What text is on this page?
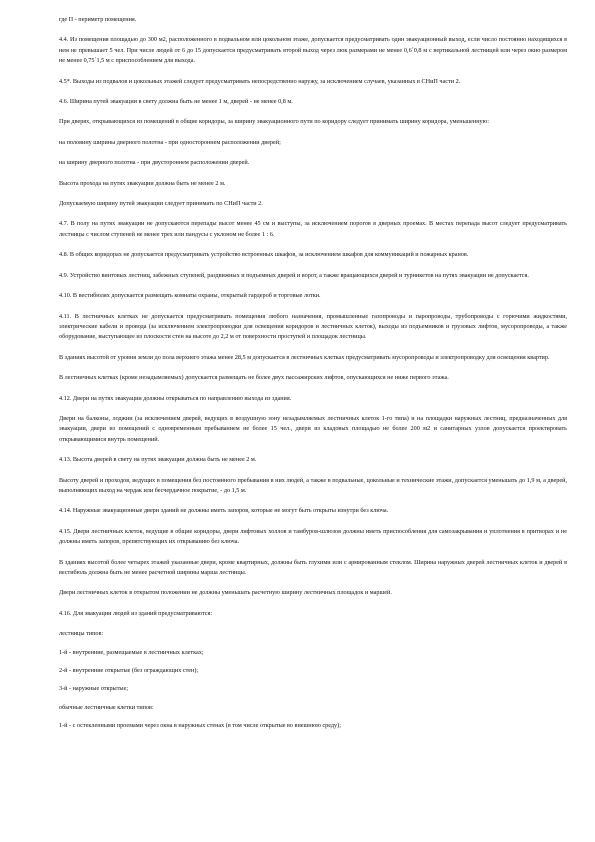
где П - периметр помещения.

4.4. Из помещения площадью до 300 м2, расположенного в подвальном или цокольном этаже, допускается предусматривать один эвакуационный выход, если число постоянно находящихся в нем не превышает 5 чел. При числе людей от 6 до 15 допускается предусматривать второй выход через люк размерами не менее 0,6´0,8 м с вертикальной лестницей или через окно размером не менее 0,75´1,5 м с приспособлением для выхода.

4.5*. Выходы из подвалов и цокольных этажей следует предусматривать непосредственно наружу, за исключением случаев, указанных в СНиП части 2.

4.6. Ширина путей эвакуации в свету должна быть не менее 1 м, дверей - не менее 0,8 м.

При дверях, открывающихся из помещений в общие коридоры, за ширину эвакуационного пути по коридору следует принимать ширину коридора, уменьшенную:

на половину ширины дверного полотна - при одностороннем расположении дверей;

на ширину дверного полотна - при двустороннем расположении дверей.

Высота прохода на путях эвакуации должна быть не менее 2 м.

Допускаемую ширину путей эвакуации следует принимать по СНиП части 2.

4.7. В полу на путях эвакуации не допускаются перепады высот менее 45 см и выступы, за исключением порогов в дверных проемах. В местах перепада высот следует предусматривать лестницы с числом ступеней не менее трех или пандусы с уклоном не более 1 : 6.

4.8. В общих коридорах не допускается предусматривать устройство встроенных шкафов, за исключением шкафов для коммуникаций и пожарных кранов.

4.9. Устройство винтовых лестниц, забежных ступеней, раздвижных и подъемных дверей и ворот, а также вращающихся дверей и турникетов на путях эвакуации не допускается.

4.10. В вестибюлях допускается размещать комнаты охраны, открытый гардероб и торговые лотки.

4.11. В лестничных клетках не допускается предусматривать помещения любого назначения, промышленные газопроводы и паропроводы, трубопроводы с горючими жидкостями, электрические кабели и провода (за исключением электропроводки для освещения коридоров и лестничных клеток), выходы из подъемников и грузовых лифтов, мусоропроводы, а также оборудование, выступающее из плоскости стен на высоте до 2,2 м от поверхности проступей и площадок лестницы.

В зданиях высотой от уровня земли до пола верхнего этажа менее 28,5 м допускается в лестничных клетках предусматривать мусоропроводы и электропроводку для освещения квартир.

В лестничных клетках (кроме незадымляемых) допускается размещать не более двух пассажирских лифтов, опускающихся не ниже первого этажа.

4.12. Двери на путях эвакуации должны открываться по направлению выхода из здания.

Двери на балконы, лоджии (за исключением дверей, ведущих в воздушную зону незадымляемых лестничных клеток 1-го типа) и на площадки наружных лестниц, предназначенных для эвакуации, двери из помещений с одновременным пребыванием не более 15 чел., двери из кладовых площадью не более 200 м2 и санитарных узлов допускается проектировать открывающимися внутрь помещений.

4.13. Высота дверей в свету на путях эвакуации должна быть не менее 2 м.

Высоту дверей и проходов, ведущих в помещения без постоянного пребывания в них людей, а также в подвальные, цокольные и технические этажи, допускается уменьшать до 1,9 м, а дверей, выполняющих выход на чердак или бесчердачное покрытие, - до 1,5 м.

4.14. Наружные эвакуационные двери зданий не должны иметь запоров, которые не могут быть открыты изнутри без ключа.

4.15. Двери лестничных клеток, ведущие в общие коридоры, двери лифтовых холлов и тамбуров-шлюзов должны иметь приспособления для самозакрывания и уплотнения в притворах и не должны иметь запоров, препятствующих их открыванию без ключа.

В зданиях высотой более четырех этажей указанные двери, кроме квартирных, должны быть глухими или с армированным стеклом. Ширина наружных дверей лестничных клеток и дверей в вестибюль должна быть не менее расчетной ширины марша лестницы.

Двери лестничных клеток в открытом положении не должны уменьшать расчетную ширину лестничных площадок и маршей.

4.16. Для эвакуации людей из зданий предусматриваются:

лестницы типов:

1-й - внутренние, размещаемые в лестничных клетках;

2-й - внутренние открытые (без ограждающих стен);

3-й - наружные открытые;

обычные лестничные клетки типов:

1-й - с остекленными проемами через окна в наружных стенах (в том числе открытые во внешнюю среду);
